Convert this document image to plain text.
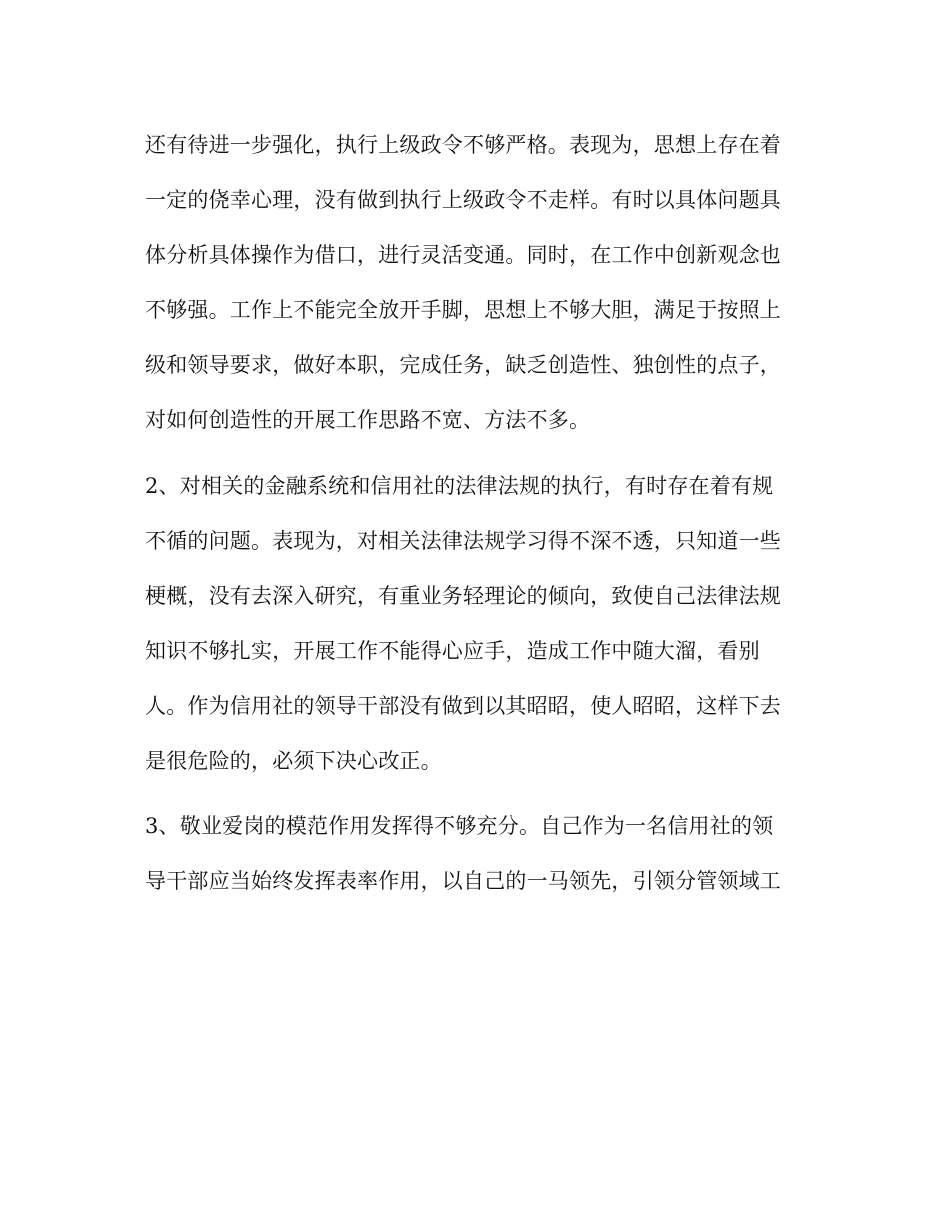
还有待进一步强化，执行上级政令不够严格。表现为，思想上存在着
一定的侥幸心理，没有做到执行上级政令不走样。有时以具体问题具
体分析具体操作为借口，进行灵活变通。同时，在工作中创新观念也
不够强。工作上不能完全放开手脚，思想上不够大胆，满足于按照上
级和领导要求，做好本职，完成任务，缺乏创造性、独创性的点子，
对如何创造性的开展工作思路不宽、方法不多。
2、对相关的金融系统和信用社的法律法规的执行，有时存在着有规
不循的问题。表现为，对相关法律法规学习得不深不透，只知道一些
梗概，没有去深入研究，有重业务轻理论的倾向，致使自己法律法规
知识不够扎实，开展工作不能得心应手，造成工作中随大溜，看别
人。作为信用社的领导干部没有做到以其昭昭，使人昭昭，这样下去
是很危险的，必须下决心改正。
3、敬业爱岗的模范作用发挥得不够充分。自己作为一名信用社的领
导干部应当始终发挥表率作用，以自己的一马领先，引领分管领域工
